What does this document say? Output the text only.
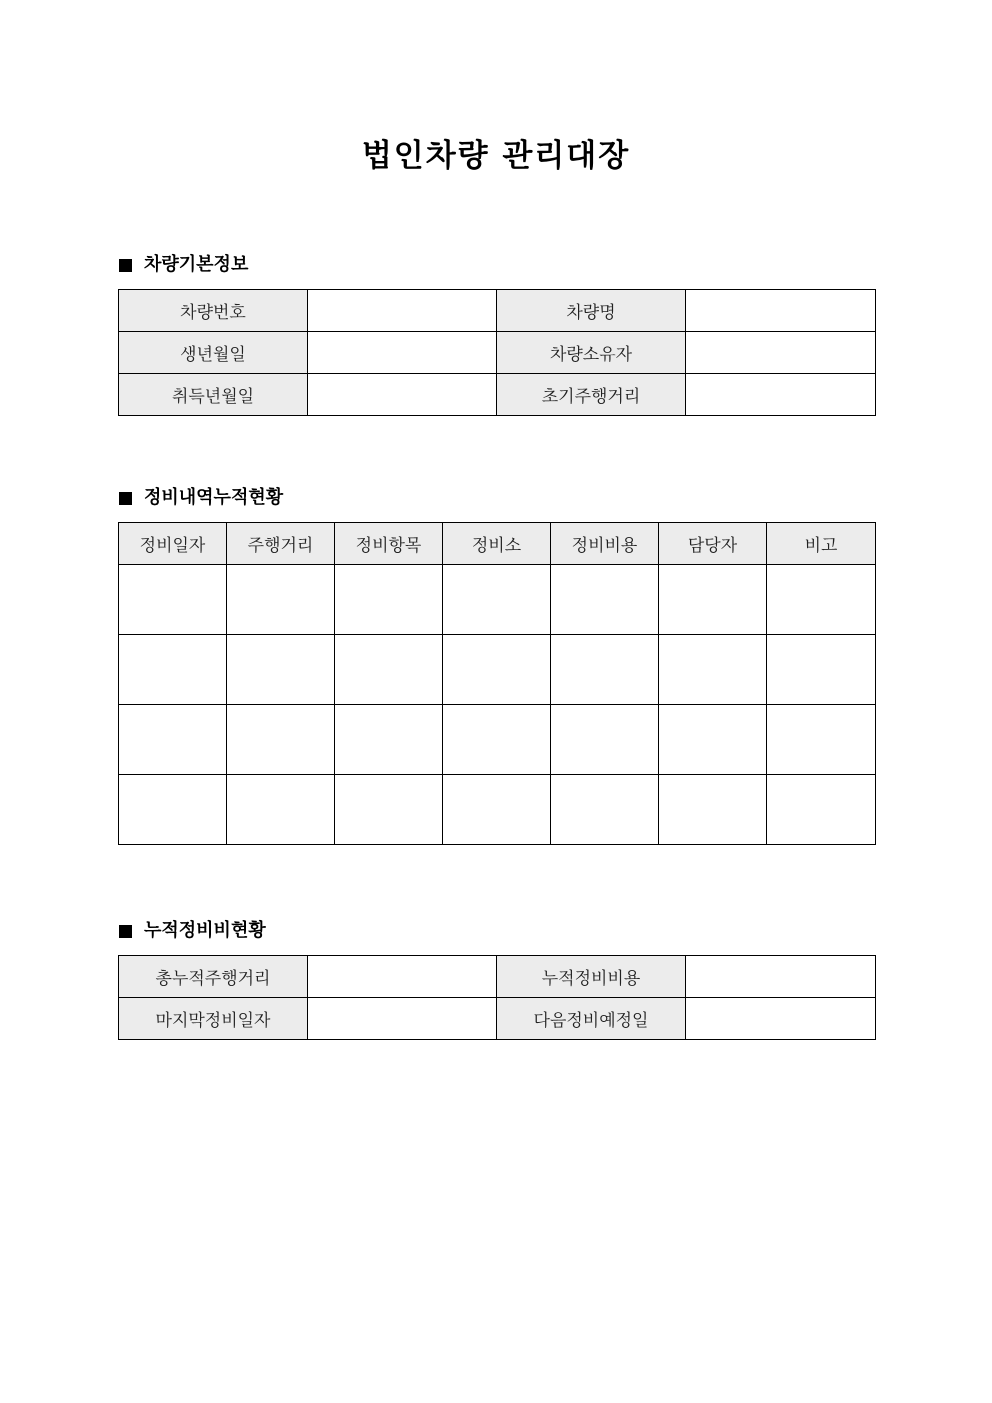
법인차량 관리대장
차량기본정보
차량번호		차량명	
생년월일		차량소유자	
취득년월일		초기주행거리	
정비내역누적현황
정비일자	주행거리	정비항목	정비소	정비비용	담당자	비고

누적정비비현황
총누적주행거리		누적정비비용	
마지막정비일자		다음정비예정일	
